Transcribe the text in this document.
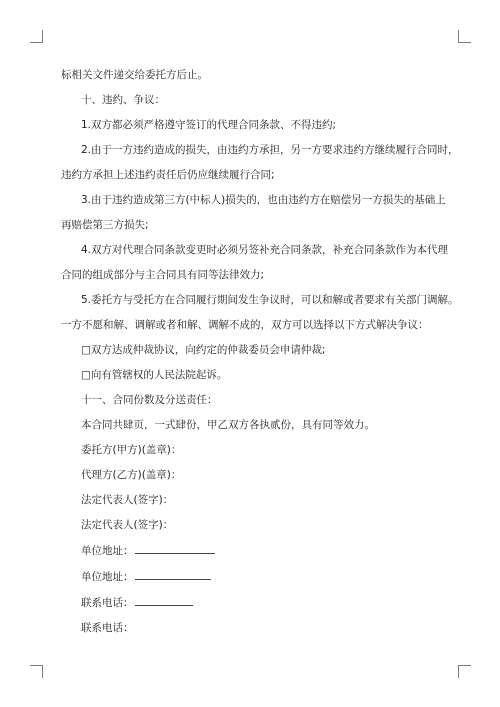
标相关文件递交给委托方后止。

十、违约、争议：

1.双方都必须严格遵守签订的代理合同条款、不得违约;

2.由于一方违约造成的损失，由违约方承担，另一方要求违约方继续履行合同时，

违约方承担上述违约责任后仍应继续履行合同;

3.由于违约造成第三方(中标人)损失的，也由违约方在赔偿另一方损失的基础上

再赔偿第三方损失;

4.双方对代理合同条款变更时必须另签补充合同条款，补充合同条款作为本代理

合同的组成部分与主合同具有同等法律效力;

5.委托方与受托方在合同履行期间发生争议时，可以和解或者要求有关部门调解。

一方不愿和解、调解或者和解、调解不成的，双方可以选择以下方式解决争议：

□双方达成仲裁协议，向约定的仲裁委员会申请仲裁;

□向有管辖权的人民法院起诉。

十一、合同份数及分送责任：

本合同共肆页，一式肆份，甲乙双方各执贰份，具有同等效力。

委托方(甲方)(盖章)：

代理方(乙方)(盖章)：

法定代表人(签字)：

法定代表人(签字)：

单位地址：

单位地址：

联系电话：

联系电话：
